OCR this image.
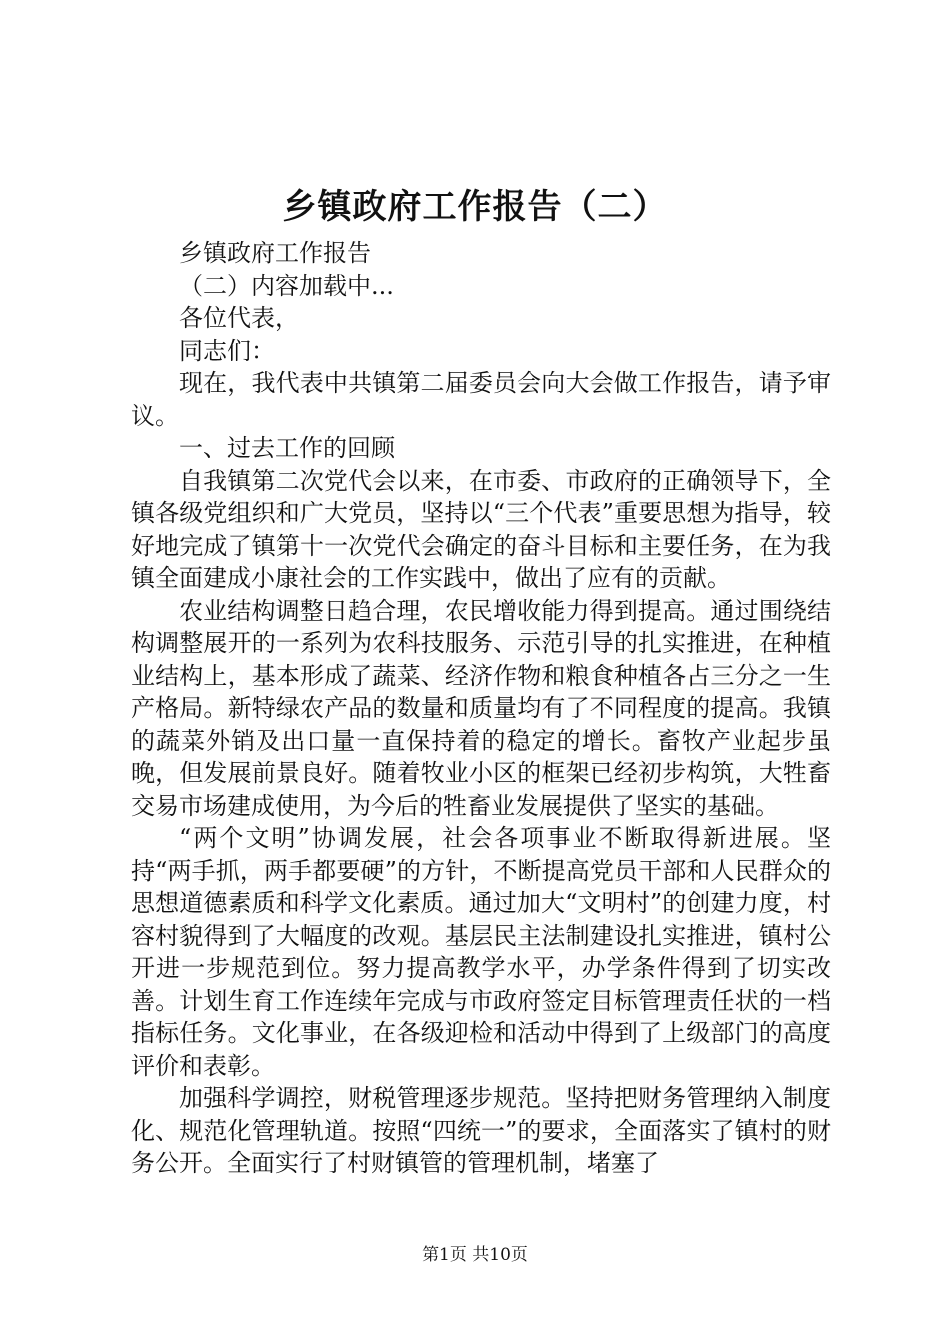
乡镇政府工作报告（二）

乡镇政府工作报告

（二）内容加载中...

各位代表，

同志们：

现在，我代表中共镇第二届委员会向大会做工作报告，请予审议。

一、过去工作的回顾

自我镇第二次党代会以来，在市委、市政府的正确领导下，全镇各级党组织和广大党员，坚持以“三个代表”重要思想为指导，较好地完成了镇第十一次党代会确定的奋斗目标和主要任务，在为我镇全面建成小康社会的工作实践中，做出了应有的贡献。

农业结构调整日趋合理，农民增收能力得到提高。通过围绕结构调整展开的一系列为农科技服务、示范引导的扎实推进，在种植业结构上，基本形成了蔬菜、经济作物和粮食种植各占三分之一生产格局。新特绿农产品的数量和质量均有了不同程度的提高。我镇的蔬菜外销及出口量一直保持着的稳定的增长。畜牧产业起步虽晚，但发展前景良好。随着牧业小区的框架已经初步构筑，大牲畜交易市场建成使用，为今后的牲畜业发展提供了坚实的基础。

“两个文明”协调发展，社会各项事业不断取得新进展。坚持“两手抓，两手都要硬”的方针，不断提高党员干部和人民群众的思想道德素质和科学文化素质。通过加大“文明村”的创建力度，村容村貌得到了大幅度的改观。基层民主法制建设扎实推进，镇村公开进一步规范到位。努力提高教学水平，办学条件得到了切实改善。计划生育工作连续年完成与市政府签定目标管理责任状的一档指标任务。文化事业，在各级迎检和活动中得到了上级部门的高度评价和表彰。

加强科学调控，财税管理逐步规范。坚持把财务管理纳入制度化、规范化管理轨道。按照“四统一”的要求，全面落实了镇村的财务公开。全面实行了村财镇管的管理机制，堵塞了

第1页 共10页
